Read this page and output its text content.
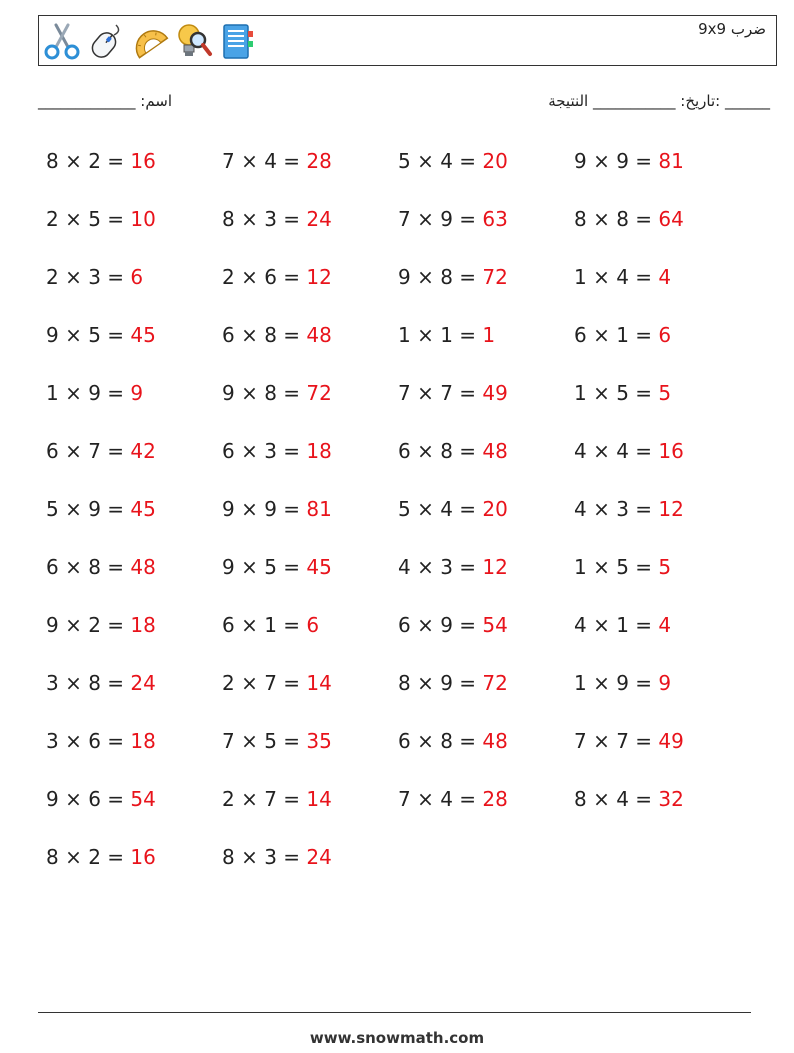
ضرب 9x9
_____________ :اسم	______ :تاريخ: ___________ النتيجة
8 × 2 = 16	7 × 4 = 28	5 × 4 = 20	9 × 9 = 81
2 × 5 = 10	8 × 3 = 24	7 × 9 = 63	8 × 8 = 64
2 × 3 = 6	2 × 6 = 12	9 × 8 = 72	1 × 4 = 4
9 × 5 = 45	6 × 8 = 48	1 × 1 = 1	6 × 1 = 6
1 × 9 = 9	9 × 8 = 72	7 × 7 = 49	1 × 5 = 5
6 × 7 = 42	6 × 3 = 18	6 × 8 = 48	4 × 4 = 16
5 × 9 = 45	9 × 9 = 81	5 × 4 = 20	4 × 3 = 12
6 × 8 = 48	9 × 5 = 45	4 × 3 = 12	1 × 5 = 5
9 × 2 = 18	6 × 1 = 6	6 × 9 = 54	4 × 1 = 4
3 × 8 = 24	2 × 7 = 14	8 × 9 = 72	1 × 9 = 9
3 × 6 = 18	7 × 5 = 35	6 × 8 = 48	7 × 7 = 49
9 × 6 = 54	2 × 7 = 14	7 × 4 = 28	8 × 4 = 32
8 × 2 = 16	8 × 3 = 24
www.snowmath.com
